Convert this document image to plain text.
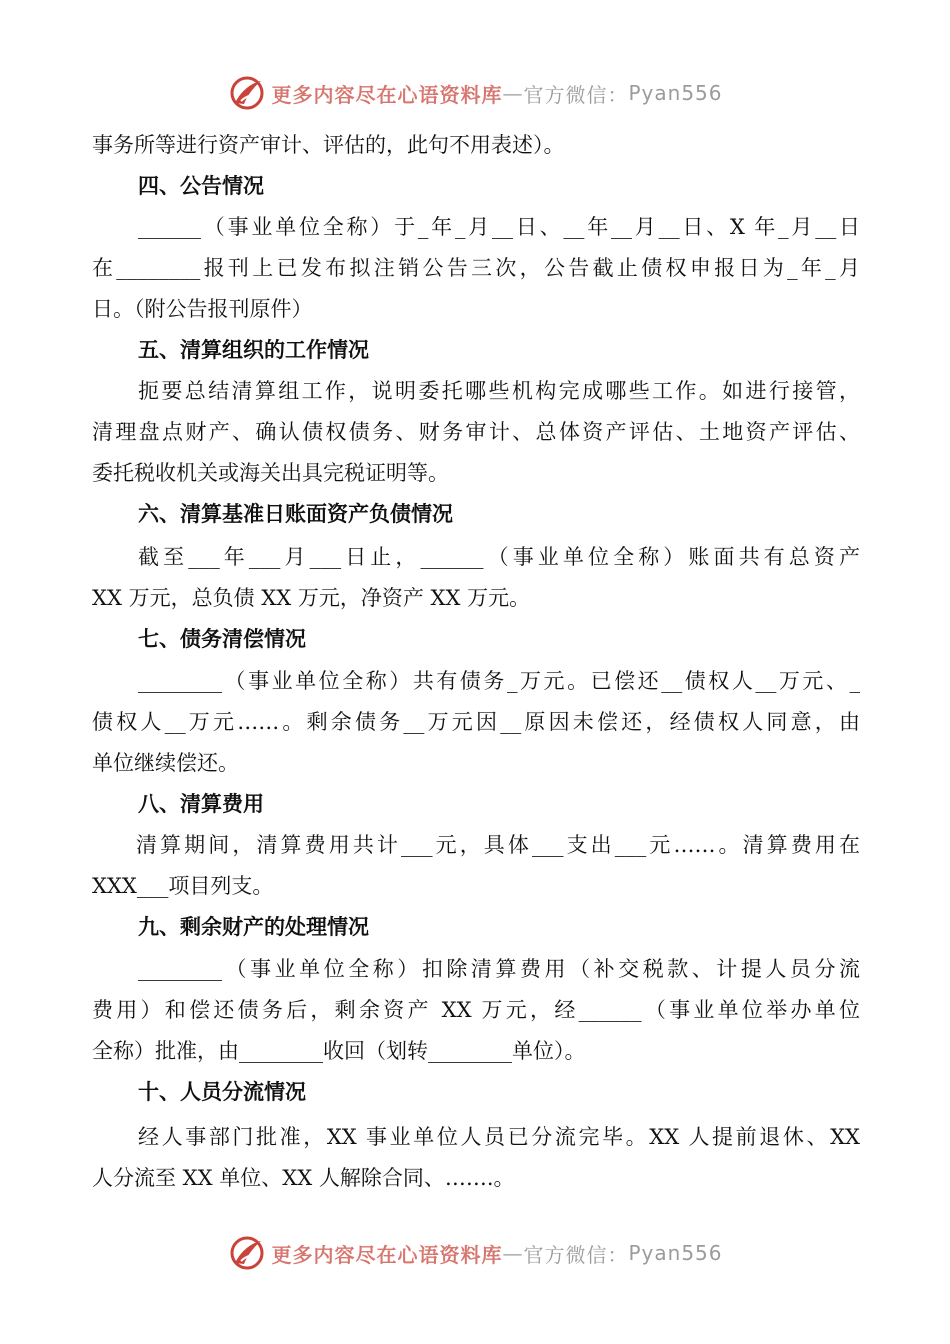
更多内容尽在心语资料库 — 官方微信： Pyan556
事务所等进行资产审计、评估的，此句不用表述）。
四、公告情况
______（事业单位全称）于_年_月__日、__年__月__日、X 年_月__日
在________报刊上已发布拟注销公告三次，公告截止债权申报日为_年_月
日。（附公告报刊原件）
五、清算组织的工作情况
扼要总结清算组工作，说明委托哪些机构完成哪些工作。如进行接管，
清理盘点财产、确认债权债务、财务审计、总体资产评估、土地资产评估、
委托税收机关或海关出具完税证明等。
六、清算基准日账面资产负债情况
截至___年___月___日止，______（事业单位全称）账面共有总资产
XX 万元，总负债 XX 万元，净资产 XX 万元。
七、债务清偿情况
________（事业单位全称）共有债务_万元。已偿还__债权人__万元、_
债权人__万元……。剩余债务__万元因__原因未偿还，经债权人同意，由
单位继续偿还。
八、清算费用
清算期间，清算费用共计___元，具体___支出___元……。清算费用在
XXX___项目列支。
九、剩余财产的处理情况
________（事业单位全称）扣除清算费用（补交税款、计提人员分流
费用）和偿还债务后，剩余资产 XX 万元，经______（事业单位举办单位
全称）批准，由________收回（划转________单位）。
十、人员分流情况
经人事部门批准，XX 事业单位人员已分流完毕。XX 人提前退休、XX
人分流至 XX 单位、XX 人解除合同、…….。
更多内容尽在心语资料库 — 官方微信： Pyan556
